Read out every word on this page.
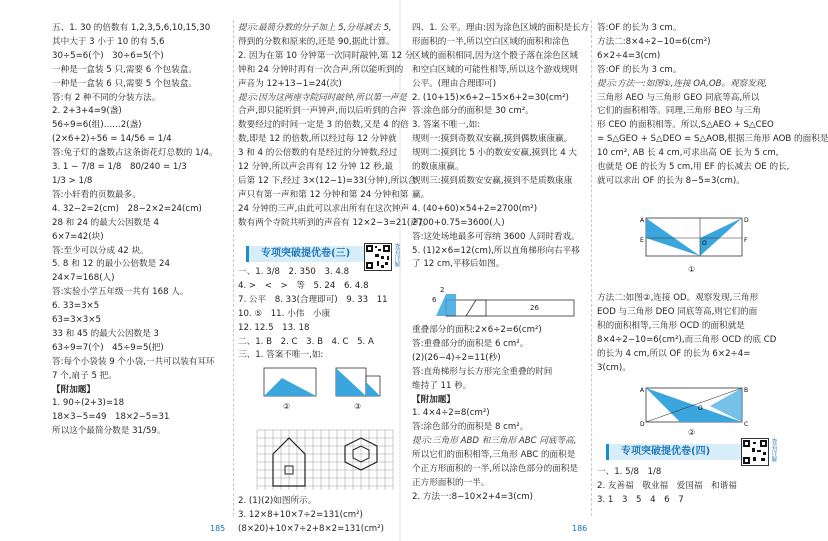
五、1. 30 的倍数有 1,2,3,5,6,10,15,30

其中大于 3 小于 10 的有 5,6

30÷5=6(个)　30÷6=5(个)

一种是一盒装 5 只,需要 6 个包装盒。

一种是一盒装 6 只,需要 5 个包装盒。

答:有 2 种不同的分装方法。

2. 2+3+4=9(盏)

56÷9=6(组)……2(盏)

(2×6+2)÷56 = 14/56 = 1/4

答:兔子灯的盏数占这条街花灯总数的 1/4。

3. 1 − 7/8 = 1/8　80/240 = 1/3

1/3 > 1/8

答:小轩看的页数最多。

4. 32−2=2(cm)　28−2×2=24(cm)

28 和 24 的最大公因数是 4

6×7=42(块)

答:至少可以分成 42 块。

5. 8 和 12 的最小公倍数是 24

24×7=168(人)

答:实验小学五年级一共有 168 人。

6. 33=3×5

63=3×3×5

33 和 45 的最大公因数是 3

63÷9=7(个)　45÷9=5(把)

答:每个小袋装 9 个小袋,一共可以装有耳环

7 个,扇子 5 把。

【附加题】

1. 90÷(2+3)=18

18×3−5=49　18×2−5=31

所以这个最简分数是 31/59。

提示:最简分数的分子加上 5,分母减去 5,

得到的分数和原来的,还是 90,据此计算。

2. 因为在第 10 分钟第一次同时敲钟,第 12 分

钟和 24 分钟时再有一次合声,所以能听到的

声音为 12+13−1=24(次)

提示:因为这两座寺院同时敲钟,所以第一声是

合声,即只能听到一声钟声,而以后听到的合声

数要经过的时间一定是 3 的倍数,又是 4 的倍

数,即是 12 的倍数,所以经过每 12 分钟就

3 和 4 的公倍数的有是经过的分钟数,经过

12 分钟,所以声会再有 12 分钟 12 秒,最

后第 12 下,经过 3×(12−1)=33(分钟),所以合

声只有第一声和第 12 分钟和第 24 分钟和第

24 分钟的三声,由此可以求出所有在这次钟声

数有两个寺院共听到的声音有 12×2−3=21(声)。

专项突破提优卷(三)	查看详解

一、1. 3/8　2. 350　3. 4.8

4. >　<　>　等　5. 24　6. 4.8

7. 公平　8. 33(合理即可)　9. 33　11

10. ⑤　11. 小伟　小康

12. 12.5　13. 18

二、1. B　2. C　3. B　4. C　5. A

三、1. 答案不唯一,如:

②	③

2. (1)(2)如图所示。

3. 12×8+10×7÷2=131(cm²)

(8×20)+10×7÷2+8×2=131(cm²)

四、1. 公平。理由:因为涂色区域的面积是长方

形面积的一半,所以空白区域的面积和涂色

区域的面积相同,因为这个骰子落在涂色区域

和空白区域的可能性相等,所以这个游戏规则

公平。(理由合理即可)

2. (10+15)×6+2−15×6+2=30(cm²)

答:涂色部分的面积是 30 cm²。

3. 答案不唯一,如:

规则一:摸到奇数双安赢,摸到偶数康康赢。

规则二:摸到比 5 小的数安安赢,摸到比 4 大

的数康康赢。

规则三:摸到质数安安赢,摸到不是质数康康

赢。

4. (40+60)×54+2=2700(m²)

2700+0.75=3600(人)

答:这处场地最多可容纳 3600 人同时看戏。

5. (1)2×6=12(cm),所以直角梯形向右平移

了 12 cm,平移后如图。

6
2
26

重叠部分的面积:2×6÷2=6(cm²)

答:重叠部分的面积是 6 cm²。

(2)(26−4)÷2=11(秒)

答:直角梯形与长方形完全重叠的时间

维持了 11 秒。

【附加题】

1. 4×4÷2=8(cm²)

答:涂色部分的面积是 8 cm²。

提示:三角形 ABD 和三角形 ABC 同底等高,

所以它们的面积相等,三角形 ABC 的面积是

个正方形面积的一半,所以涂色部分的面积是

正方形面积的一半。

2. 方法一:8−10×2+4=3(cm)

答:OF 的长为 3 cm。

方法二:8×4÷2−10=6(cm²)

6×2÷4=3(cm)

答:OF 的长为 3 cm。

提示:方法一:如图①,连接 OA,OB。观察发现,

三角形 AEO 与三角形 GEO 同底等高,所以

它们的面积相等。同理,三角形 BEO 与三角

形 CEO 的面积相等。所以,S△AEO + S△CEO

= S△GEO + S△DEO = S△AOB,根据三角形 AOB 的面积是

10 cm², AB 长 4 cm,可求出高 OE 长为 5 cm,

也就是 OE 的长为 5 cm,用 EF 的长减去 OE 的长,

就可以求出 OF 的长为 8−5=3(cm)。

A	D
E	F
O
①

方法二:如图②,连接 OD。观察发现,三角形

EOD 与三角形 DEO 同底等高,则它们的面

积的面积相等,三角形 OCD 的面积就是

8×4÷2−10=6(cm²),而三角形 OCD 的底 CD

的长为 4 cm,所以 OF 的长为 6×2÷4=

3(cm)。

A	B
D	C
O
②
专项突破提优卷(四)	查看详解

一、1. 5/8　1/8

2. 友善福　敬业福　爱国福　和谐福

3. 1　3　5　4　6　7

185	186
